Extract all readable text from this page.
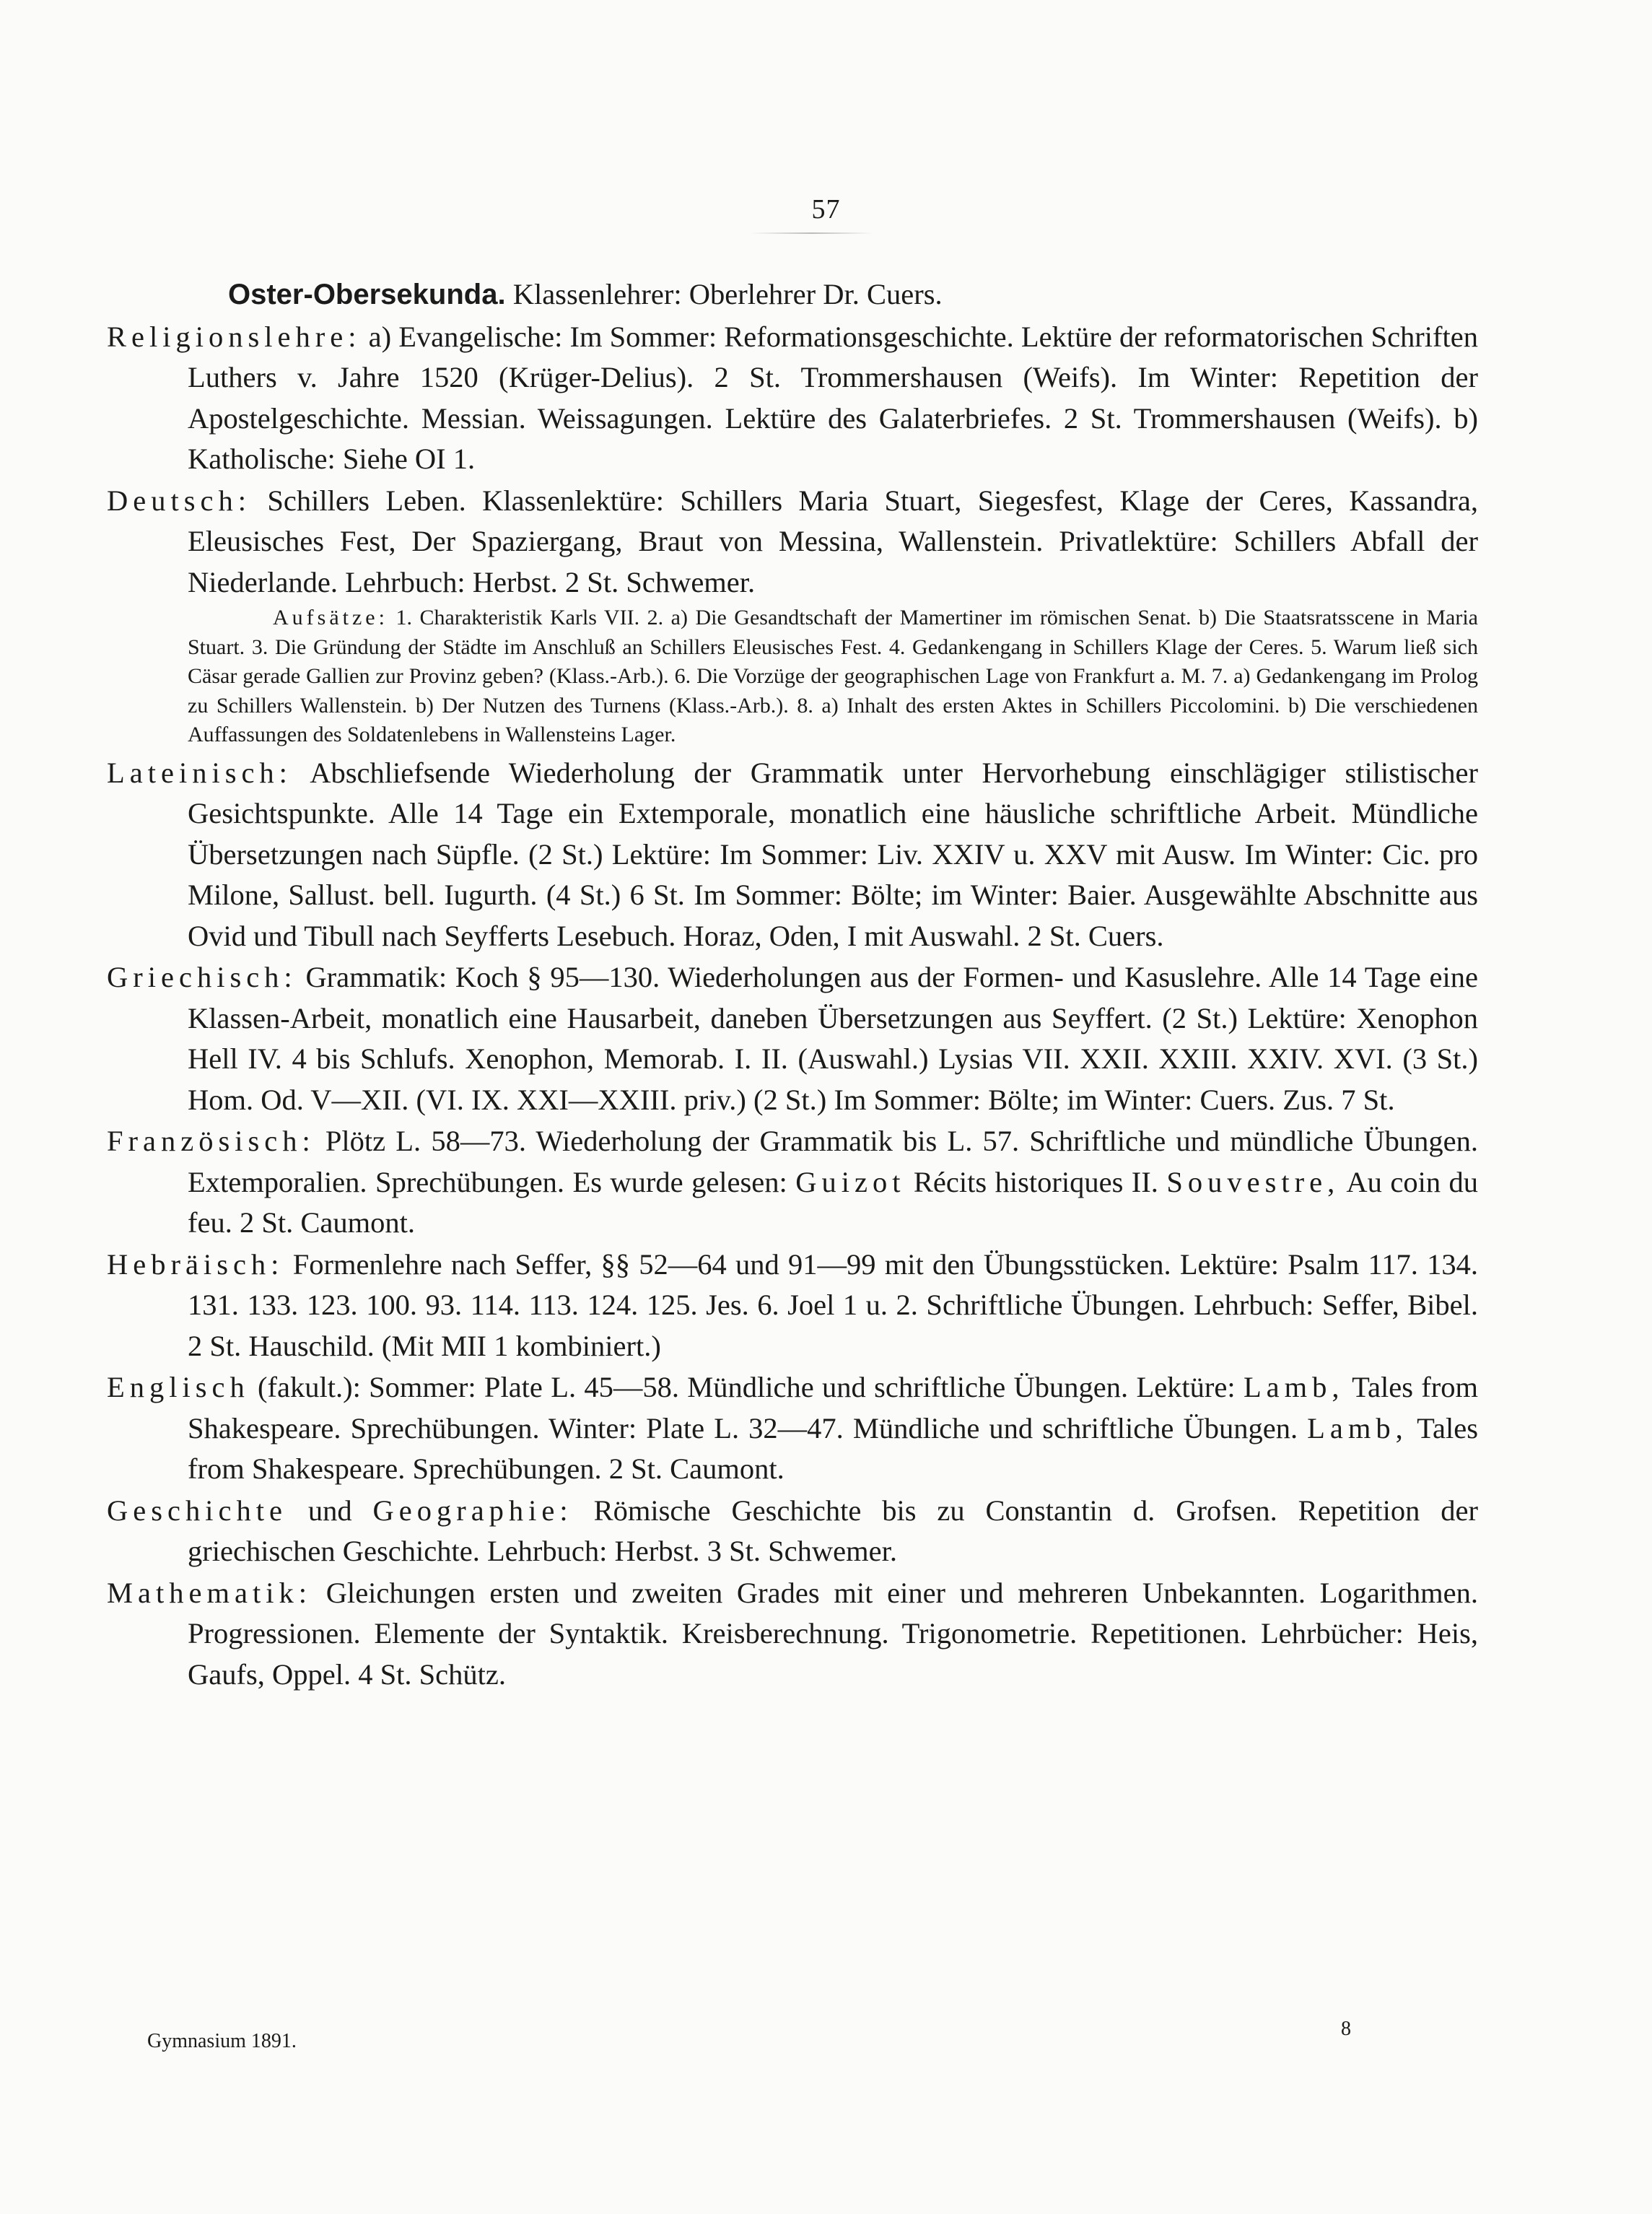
57
Oster-Obersekunda. Klassenlehrer: Oberlehrer Dr. Cuers.

Religionslehre: a) Evangelische: Im Sommer: Reformationsgeschichte. Lektüre der reformatorischen Schriften Luthers v. Jahre 1520 (Krüger-Delius). 2 St. Trommershausen (Weifs). Im Winter: Repetition der Apostelgeschichte. Messian. Weissagungen. Lektüre des Galaterbriefes. 2 St. Trommershausen (Weifs). b) Katholische: Siehe OI 1.

Deutsch: Schillers Leben. Klassenlektüre: Schillers Maria Stuart, Siegesfest, Klage der Ceres, Kassandra, Eleusisches Fest, Der Spaziergang, Braut von Messina, Wallenstein. Privatlektüre: Schillers Abfall der Niederlande. Lehrbuch: Herbst. 2 St. Schwemer.

Aufsätze: 1. Charakteristik Karls VII. 2. a) Die Gesandtschaft der Mamertiner im römischen Senat. b) Die Staatsratsscene in Maria Stuart. 3. Die Gründung der Städte im Anschluß an Schillers Eleusisches Fest. 4. Gedankengang in Schillers Klage der Ceres. 5. Warum ließ sich Cäsar gerade Gallien zur Provinz geben? (Klass.-Arb.). 6. Die Vorzüge der geographischen Lage von Frankfurt a. M. 7. a) Gedankengang im Prolog zu Schillers Wallenstein. b) Der Nutzen des Turnens (Klass.-Arb.). 8. a) Inhalt des ersten Aktes in Schillers Piccolomini. b) Die verschiedenen Auffassungen des Soldatenlebens in Wallensteins Lager.

Lateinisch: Abschliefsende Wiederholung der Grammatik unter Hervorhebung einschlägiger stilistischer Gesichtspunkte. Alle 14 Tage ein Extemporale, monatlich eine häusliche schriftliche Arbeit. Mündliche Übersetzungen nach Süpfle. (2 St.) Lektüre: Im Sommer: Liv. XXIV u. XXV mit Ausw. Im Winter: Cic. pro Milone, Sallust. bell. Iugurth. (4 St.) 6 St. Im Sommer: Bölte; im Winter: Baier. Ausgewählte Abschnitte aus Ovid und Tibull nach Seyfferts Lesebuch. Horaz, Oden, I mit Auswahl. 2 St. Cuers.

Griechisch: Grammatik: Koch § 95—130. Wiederholungen aus der Formen- und Kasuslehre. Alle 14 Tage eine Klassen-Arbeit, monatlich eine Hausarbeit, daneben Übersetzungen aus Seyffert. (2 St.) Lektüre: Xenophon Hell IV. 4 bis Schlufs. Xenophon, Memorab. I. II. (Auswahl.) Lysias VII. XXII. XXIII. XXIV. XVI. (3 St.) Hom. Od. V—XII. (VI. IX. XXI—XXIII. priv.) (2 St.) Im Sommer: Bölte; im Winter: Cuers. Zus. 7 St.

Französisch: Plötz L. 58—73. Wiederholung der Grammatik bis L. 57. Schriftliche und mündliche Übungen. Extemporalien. Sprechübungen. Es wurde gelesen: Guizot Récits historiques II. Souvestre, Au coin du feu. 2 St. Caumont.

Hebräisch: Formenlehre nach Seffer, §§ 52—64 und 91—99 mit den Übungsstücken. Lektüre: Psalm 117. 134. 131. 133. 123. 100. 93. 114. 113. 124. 125. Jes. 6. Joel 1 u. 2. Schriftliche Übungen. Lehrbuch: Seffer, Bibel. 2 St. Hauschild. (Mit MII 1 kombiniert.)

Englisch (fakult.): Sommer: Plate L. 45—58. Mündliche und schriftliche Übungen. Lektüre: Lamb, Tales from Shakespeare. Sprechübungen. Winter: Plate L. 32—47. Mündliche und schriftliche Übungen. Lamb, Tales from Shakespeare. Sprechübungen. 2 St. Caumont.

Geschichte und Geographie: Römische Geschichte bis zu Constantin d. Grofsen. Repetition der griechischen Geschichte. Lehrbuch: Herbst. 3 St. Schwemer.

Mathematik: Gleichungen ersten und zweiten Grades mit einer und mehreren Unbekannten. Logarithmen. Progressionen. Elemente der Syntaktik. Kreisberechnung. Trigonometrie. Repetitionen. Lehrbücher: Heis, Gaufs, Oppel. 4 St. Schütz.

Gymnasium 1891.
8
